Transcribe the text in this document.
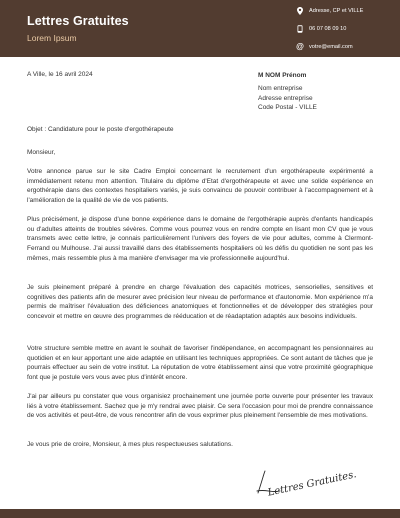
Lettres Gratuites
Lorem Ipsum
Adresse, CP et VILLE
06 07 08 09 10
@ votre@email.com
A Ville, le 16 avril 2024	M NOM Prénom
Nom entreprise
Adresse entreprise
Code Postal - VILLE
Objet : Candidature pour le poste d'ergothérapeute
Monsieur,

Votre annonce parue sur le site Cadre Emploi concernant le recrutement d'un ergothérapeute expérimenté a immédiatement retenu mon attention. Titulaire du diplôme d'Etat d'ergothérapeute et avec une solide expérience en ergothérapie dans des contextes hospitaliers variés, je suis convaincu de pouvoir contribuer à l'accompagnement et à l'amélioration de la qualité de vie de vos patients.

Plus précisément, je dispose d'une bonne expérience dans le domaine de l'ergothérapie auprès d'enfants handicapés ou d'adultes atteints de troubles sévères. Comme vous pourrez vous en rendre compte en lisant mon CV que je vous transmets avec cette lettre, je connais particulièrement l'univers des foyers de vie pour adultes, comme à Clermont-Ferrand ou Mulhouse. J'ai aussi travaillé dans des établissements hospitaliers où les défis du quotidien ne sont pas les mêmes, mais ressemble plus à ma manière d'envisager ma vie professionnelle aujourd'hui.

Je suis pleinement préparé à prendre en charge l'évaluation des capacités motrices, sensorielles, sensitives et cognitives des patients afin de mesurer avec précision leur niveau de performance et d'autonomie. Mon expérience m'a permis de maîtriser l'évaluation des déficiences anatomiques et fonctionnelles et de développer des stratégies pour concevoir et mettre en œuvre des programmes de rééducation et de réadaptation adaptés aux besoins individuels.

Votre structure semble mettre en avant le souhait de favoriser l'indépendance, en accompagnant les pensionnaires au quotidien et en leur apportant une aide adaptée en utilisant les techniques appropriées. Ce sont autant de tâches que je pourrais effectuer au sein de votre institut. La réputation de votre établissement ainsi que votre proximité géographique font que je postule vers vous avec plus d'intérêt encore.

J'ai par ailleurs pu constater que vous organisiez prochainement une journée porte ouverte pour présenter les travaux liés à votre établissement. Sachez que je m'y rendrai avec plaisir. Ce sera l'occasion pour moi de prendre connaissance de vos activités et peut-être, de vous rencontrer afin de vous exprimer plus pleinement l'ensemble de mes motivations.

Je vous prie de croire, Monsieur, à mes plus respectueuses salutations.

Lettres Gratuites.
